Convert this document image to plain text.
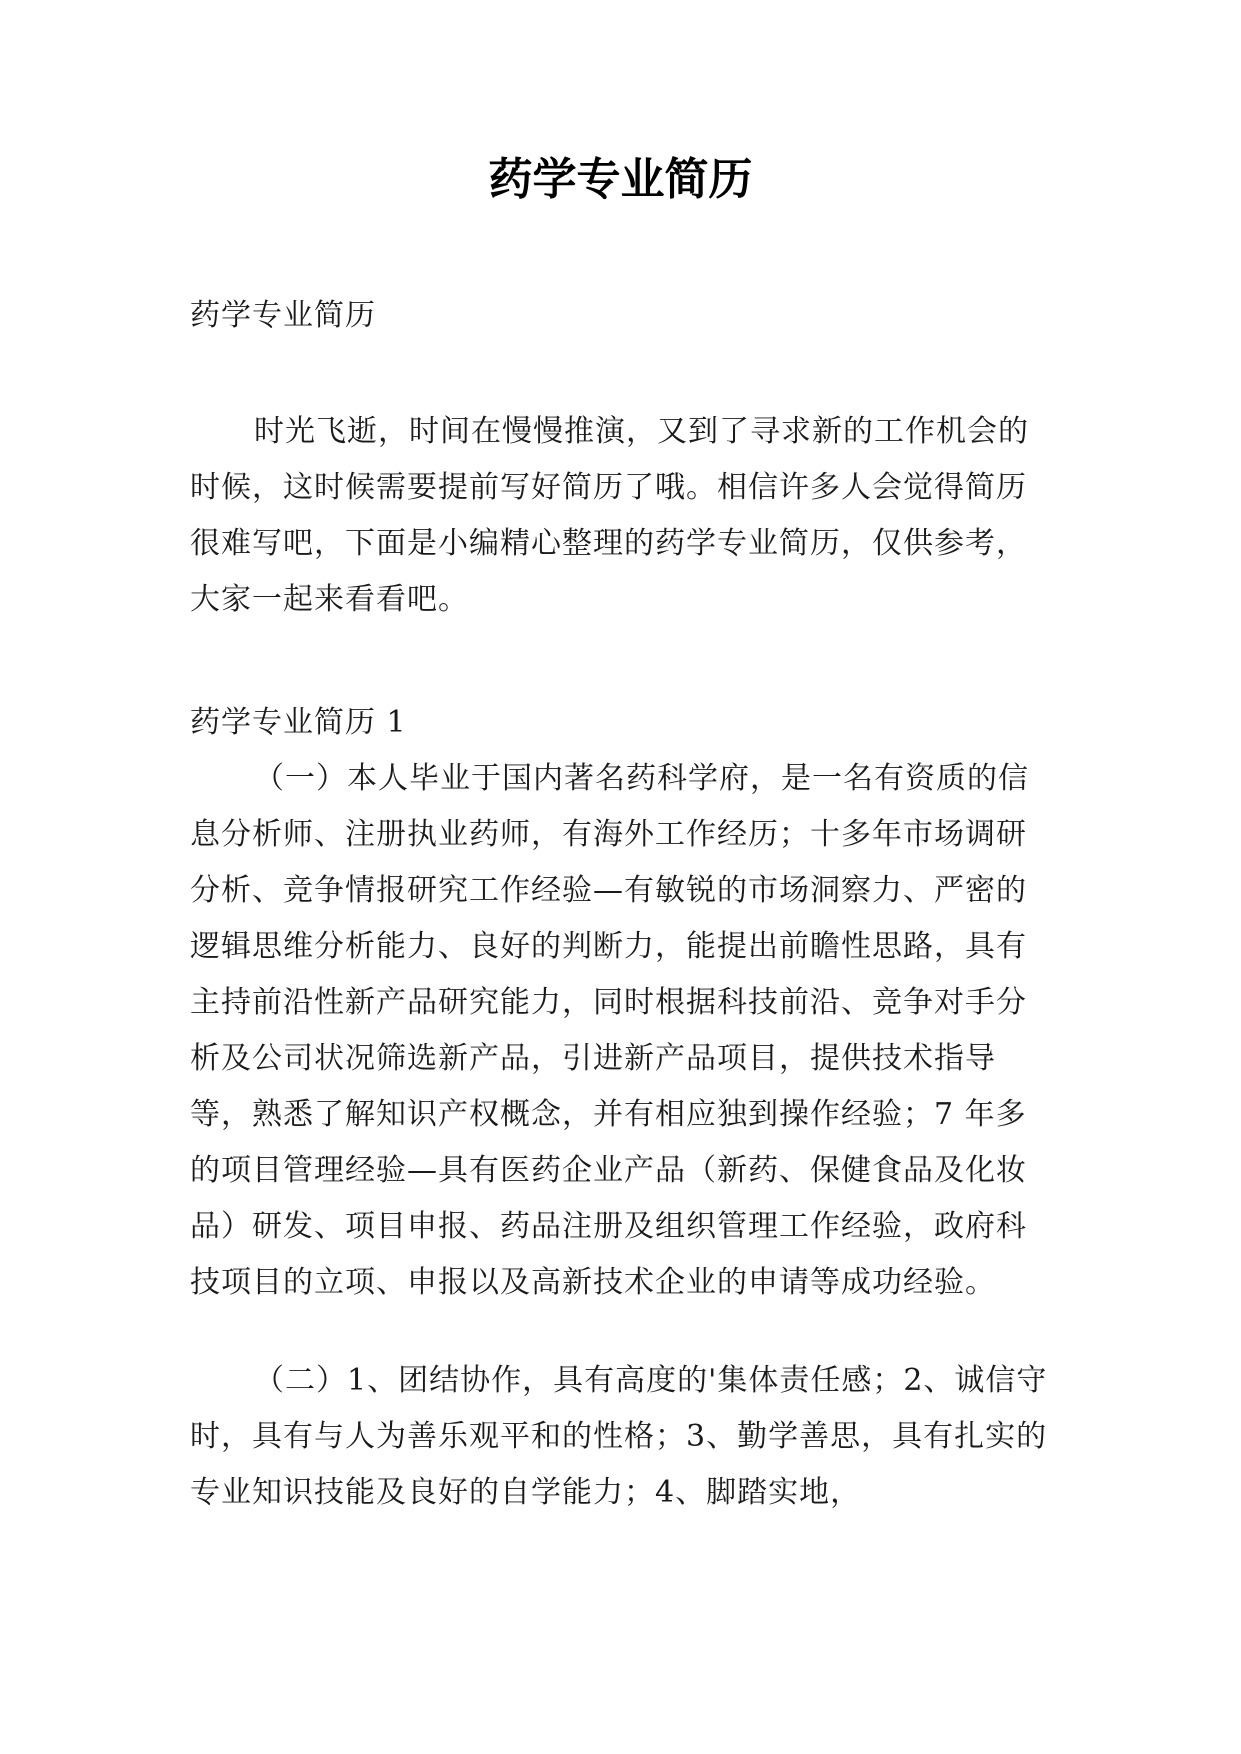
药学专业简历

药学专业简历

时光飞逝，时间在慢慢推演，又到了寻求新的工作机会的时候，这时候需要提前写好简历了哦。相信许多人会觉得简历很难写吧，下面是小编精心整理的药学专业简历，仅供参考，大家一起来看看吧。

药学专业简历 1

（一）本人毕业于国内著名药科学府，是一名有资质的信息分析师、注册执业药师，有海外工作经历；十多年市场调研分析、竞争情报研究工作经验—有敏锐的市场洞察力、严密的逻辑思维分析能力、良好的判断力，能提出前瞻性思路，具有主持前沿性新产品研究能力，同时根据科技前沿、竞争对手分析及公司状况筛选新产品，引进新产品项目，提供技术指导等，熟悉了解知识产权概念，并有相应独到操作经验；7 年多的项目管理经验—具有医药企业产品（新药、保健食品及化妆品）研发、项目申报、药品注册及组织管理工作经验，政府科技项目的立项、申报以及高新技术企业的申请等成功经验。

（二）1、团结协作，具有高度的'集体责任感；2、诚信守时，具有与人为善乐观平和的性格；3、勤学善思，具有扎实的专业知识技能及良好的自学能力；4、脚踏实地，
